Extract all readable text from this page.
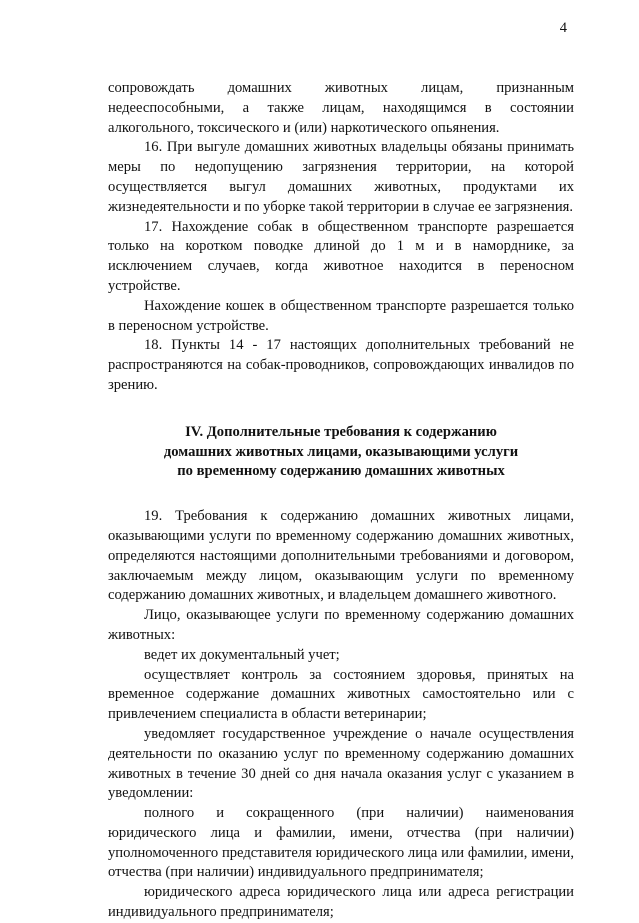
4

сопровождать домашних животных лицам, признанным недееспособными, а также лицам, находящимся в состоянии алкогольного, токсического и (или) наркотического опьянения.

16. При выгуле домашних животных владельцы обязаны принимать меры по недопущению загрязнения территории, на которой осуществляется выгул домашних животных, продуктами их жизнедеятельности и по уборке такой территории в случае ее загрязнения.

17. Нахождение собак в общественном транспорте разрешается только на коротком поводке длиной до 1 м и в наморднике, за исключением случаев, когда животное находится в переносном устройстве.

Нахождение кошек в общественном транспорте разрешается только в переносном устройстве.

18. Пункты 14 - 17 настоящих дополнительных требований не распространяются на собак-проводников, сопровождающих инвалидов по зрению.

IV. Дополнительные требования к содержанию
домашних животных лицами, оказывающими услуги
по временному содержанию домашних животных

19. Требования к содержанию домашних животных лицами, оказывающими услуги по временному содержанию домашних животных, определяются настоящими дополнительными требованиями и договором, заключаемым между лицом, оказывающим услуги по временному содержанию домашних животных, и владельцем домашнего животного.

Лицо, оказывающее услуги по временному содержанию домашних животных:

ведет их документальный учет;

осуществляет контроль за состоянием здоровья, принятых на временное содержание домашних животных самостоятельно или с привлечением специалиста в области ветеринарии;

уведомляет государственное учреждение о начале осуществления деятельности по оказанию услуг по временному содержанию домашних животных в течение 30 дней со дня начала оказания услуг с указанием в уведомлении:

полного и сокращенного (при наличии) наименования юридического лица и фамилии, имени, отчества (при наличии) уполномоченного представителя юридического лица или фамилии, имени, отчества (при наличии) индивидуального предпринимателя;

юридического адреса юридического лица или адреса регистрации индивидуального предпринимателя;
